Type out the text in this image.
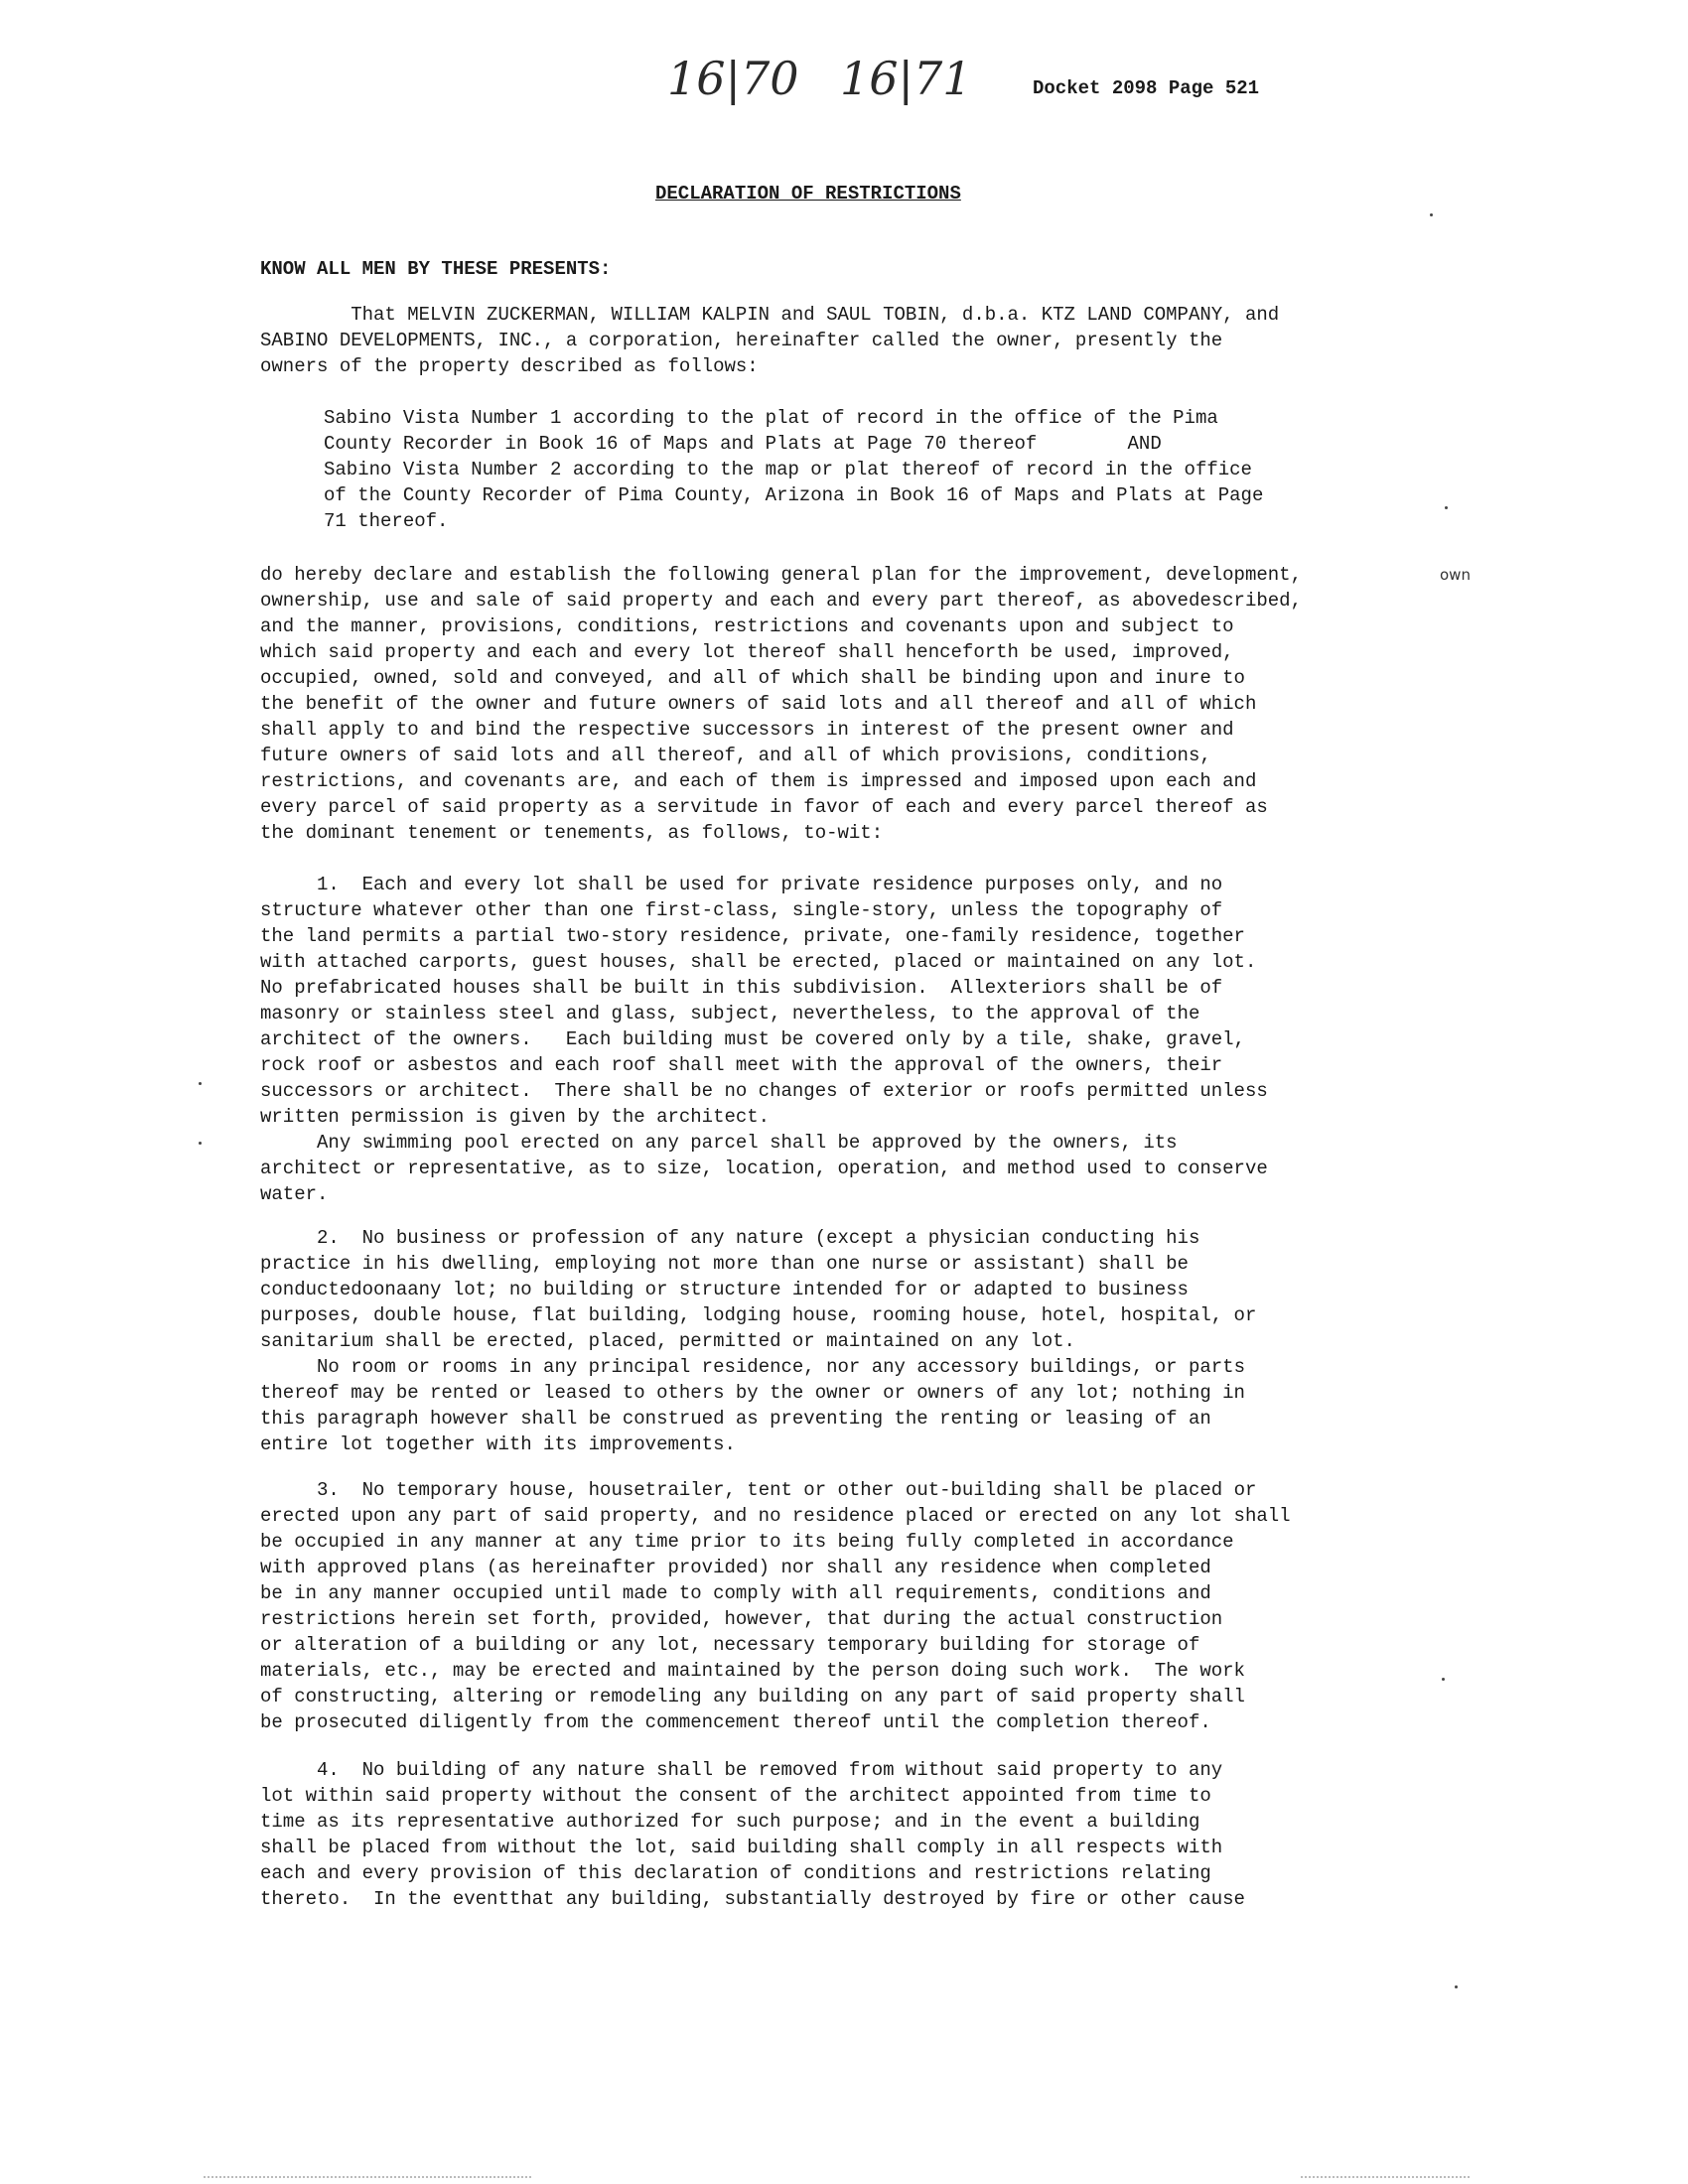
16|70 16|71	Docket 2098 Page 521
DECLARATION OF RESTRICTIONS

KNOW ALL MEN BY THESE PRESENTS:

That MELVIN ZUCKERMAN, WILLIAM KALPIN and SAUL TOBIN, d.b.a. KTZ LAND COMPANY, and
SABINO DEVELOPMENTS, INC., a corporation, hereinafter called the owner, presently the
owners of the property described as follows:

Sabino Vista Number 1 according to the plat of record in the office of the Pima
County Recorder in Book 16 of Maps and Plats at Page 70 thereof        AND
Sabino Vista Number 2 according to the map or plat thereof of record in the office
of the County Recorder of Pima County, Arizona in Book 16 of Maps and Plats at Page
71 thereof.

do hereby declare and establish the following general plan for the improvement, development,
ownership, use and sale of said property and each and every part thereof, as abovedescribed,
and the manner, provisions, conditions, restrictions and covenants upon and subject to
which said property and each and every lot thereof shall henceforth be used, improved,
occupied, owned, sold and conveyed, and all of which shall be binding upon and inure to
the benefit of the owner and future owners of said lots and all thereof and all of which
shall apply to and bind the respective successors in interest of the present owner and
future owners of said lots and all thereof, and all of which provisions, conditions,
restrictions, and covenants are, and each of them is impressed and imposed upon each and
every parcel of said property as a servitude in favor of each and every parcel thereof as
the dominant tenement or tenements, as follows, to-wit:

own

1.  Each and every lot shall be used for private residence purposes only, and no
structure whatever other than one first-class, single-story, unless the topography of
the land permits a partial two-story residence, private, one-family residence, together
with attached carports, guest houses, shall be erected, placed or maintained on any lot.
No prefabricated houses shall be built in this subdivision.  Allexteriors shall be of
masonry or stainless steel and glass, subject, nevertheless, to the approval of the
architect of the owners.   Each building must be covered only by a tile, shake, gravel,
rock roof or asbestos and each roof shall meet with the approval of the owners, their
successors or architect.  There shall be no changes of exterior or roofs permitted unless
written permission is given by the architect.
Any swimming pool erected on any parcel shall be approved by the owners, its
architect or representative, as to size, location, operation, and method used to conserve
water.

2.  No business or profession of any nature (except a physician conducting his
practice in his dwelling, employing not more than one nurse or assistant) shall be
conductedoonaany lot; no building or structure intended for or adapted to business
purposes, double house, flat building, lodging house, rooming house, hotel, hospital, or
sanitarium shall be erected, placed, permitted or maintained on any lot.
No room or rooms in any principal residence, nor any accessory buildings, or parts
thereof may be rented or leased to others by the owner or owners of any lot; nothing in
this paragraph however shall be construed as preventing the renting or leasing of an
entire lot together with its improvements.

3.  No temporary house, housetrailer, tent or other out-building shall be placed or
erected upon any part of said property, and no residence placed or erected on any lot shall
be occupied in any manner at any time prior to its being fully completed in accordance
with approved plans (as hereinafter provided) nor shall any residence when completed
be in any manner occupied until made to comply with all requirements, conditions and
restrictions herein set forth, provided, however, that during the actual construction
or alteration of a building or any lot, necessary temporary building for storage of
materials, etc., may be erected and maintained by the person doing such work.  The work
of constructing, altering or remodeling any building on any part of said property shall
be prosecuted diligently from the commencement thereof until the completion thereof.

4.  No building of any nature shall be removed from without said property to any
lot within said property without the consent of the architect appointed from time to
time as its representative authorized for such purpose; and in the event a building
shall be placed from without the lot, said building shall comply in all respects with
each and every provision of this declaration of conditions and restrictions relating
thereto.  In the eventthat any building, substantially destroyed by fire or other cause
